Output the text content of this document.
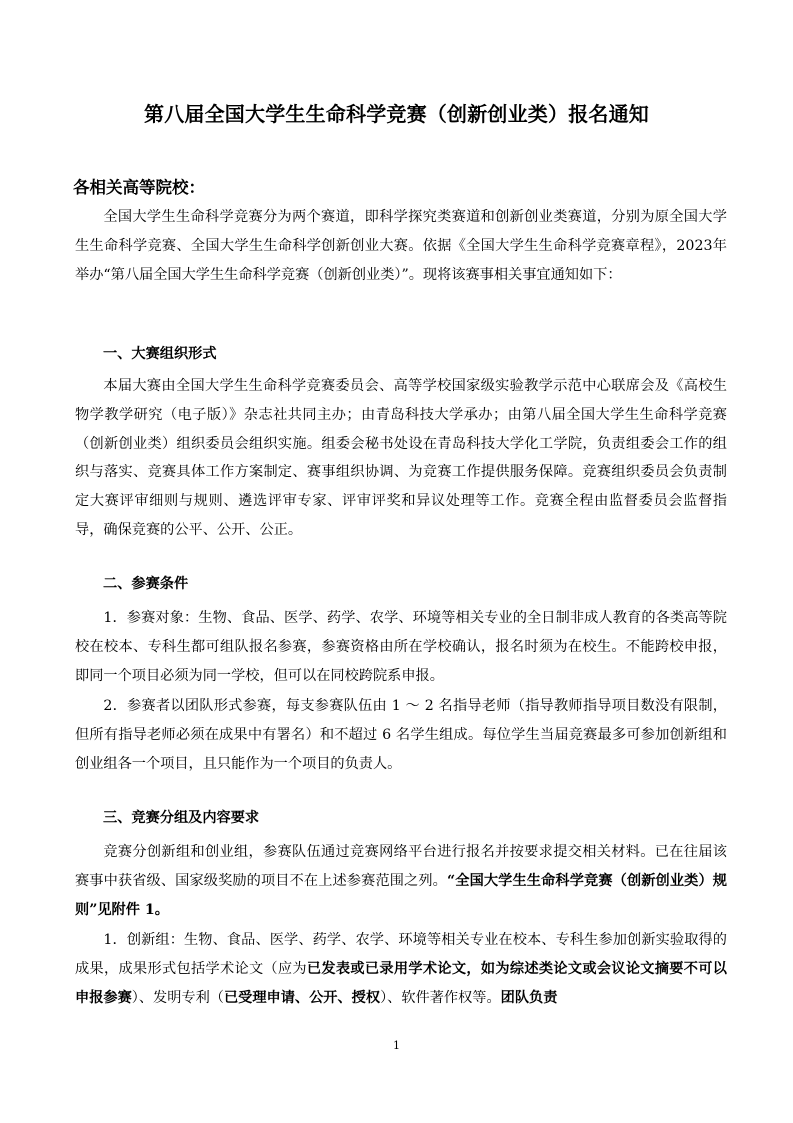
第八届全国大学生生命科学竞赛（创新创业类）报名通知
各相关高等院校：

全国大学生生命科学竞赛分为两个赛道，即科学探究类赛道和创新创业类赛道，分别为原全国大学生生命科学竞赛、全国大学生生命科学创新创业大赛。依据《全国大学生生命科学竞赛章程》，2023年举办“第八届全国大学生生命科学竞赛（创新创业类）”。现将该赛事相关事宜通知如下：

一、大赛组织形式

本届大赛由全国大学生生命科学竞赛委员会、高等学校国家级实验教学示范中心联席会及《高校生物学教学研究（电子版）》杂志社共同主办；由青岛科技大学承办；由第八届全国大学生生命科学竞赛（创新创业类）组织委员会组织实施。组委会秘书处设在青岛科技大学化工学院，负责组委会工作的组织与落实、竞赛具体工作方案制定、赛事组织协调、为竞赛工作提供服务保障。竞赛组织委员会负责制定大赛评审细则与规则、遴选评审专家、评审评奖和异议处理等工作。竞赛全程由监督委员会监督指导，确保竞赛的公平、公开、公正。

二、参赛条件

1．参赛对象：生物、食品、医学、药学、农学、环境等相关专业的全日制非成人教育的各类高等院校在校本、专科生都可组队报名参赛，参赛资格由所在学校确认，报名时须为在校生。不能跨校申报，即同一个项目必须为同一学校，但可以在同校跨院系申报。

2．参赛者以团队形式参赛，每支参赛队伍由 1 ～ 2 名指导老师（指导教师指导项目数没有限制，但所有指导老师必须在成果中有署名）和不超过 6 名学生组成。每位学生当届竞赛最多可参加创新组和创业组各一个项目，且只能作为一个项目的负责人。

三、竞赛分组及内容要求

竞赛分创新组和创业组，参赛队伍通过竞赛网络平台进行报名并按要求提交相关材料。已在往届该赛事中获省级、国家级奖励的项目不在上述参赛范围之列。“全国大学生生命科学竞赛（创新创业类）规则”见附件 1。

1．创新组：生物、食品、医学、药学、农学、环境等相关专业在校本、专科生参加创新实验取得的成果，成果形式包括学术论文（应为已发表或已录用学术论文，如为综述类论文或会议论文摘要不可以申报参赛）、发明专利（已受理申请、公开、授权）、软件著作权等。团队负责

1
